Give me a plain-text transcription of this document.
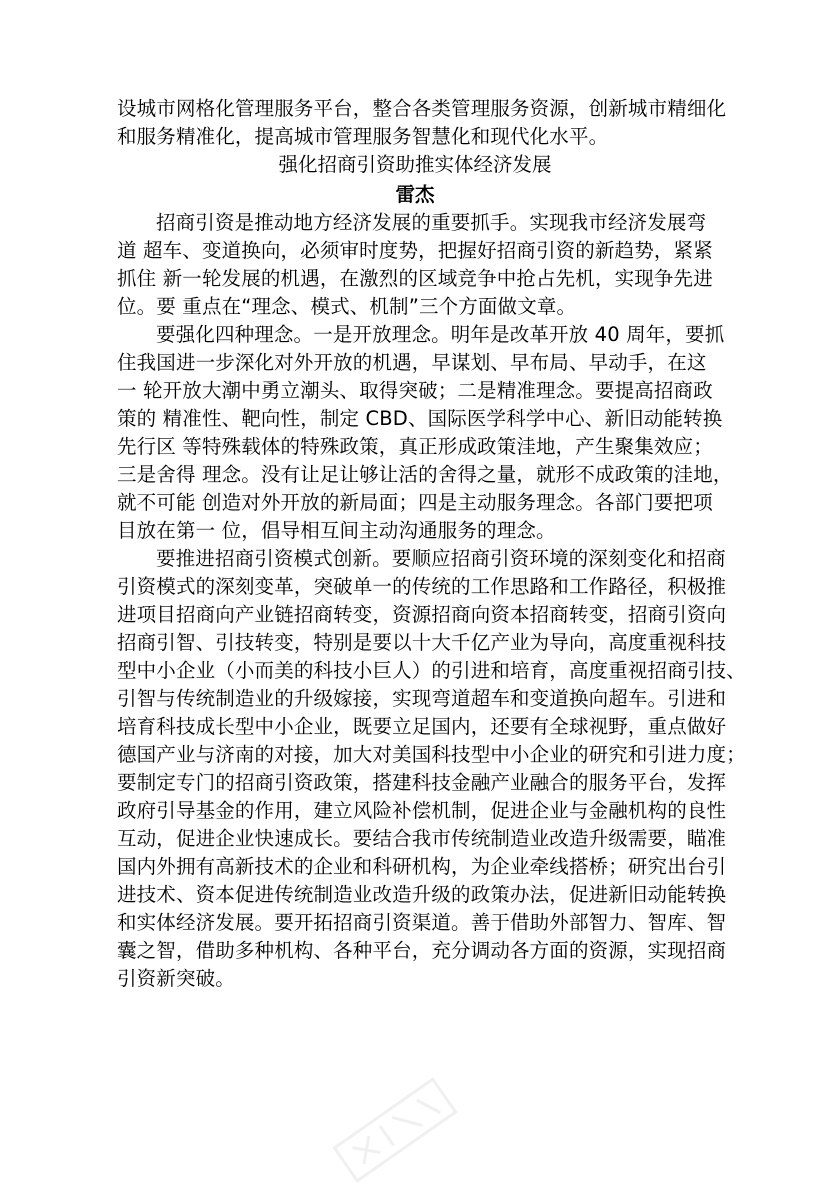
设城市网格化管理服务平台，整合各类管理服务资源，创新城市精细化
和服务精准化，提高城市管理服务智慧化和现代化水平。
强化招商引资助推实体经济发展
雷杰
招商引资是推动地方经济发展的重要抓手。实现我市经济发展弯
道 超车、变道换向，必须审时度势，把握好招商引资的新趋势，紧紧
抓住 新一轮发展的机遇，在激烈的区域竞争中抢占先机，实现争先进
位。要 重点在“理念、模式、机制”三个方面做文章。
要强化四种理念。一是开放理念。明年是改革开放 40 周年，要抓
住我国进一步深化对外开放的机遇，早谋划、早布局、早动手，在这
一 轮开放大潮中勇立潮头、取得突破；二是精准理念。要提高招商政
策的 精准性、靶向性，制定 CBD、国际医学科学中心、新旧动能转换
先行区 等特殊载体的特殊政策，真正形成政策洼地，产生聚集效应；
三是舍得 理念。没有让足让够让活的舍得之量，就形不成政策的洼地，
就不可能 创造对外开放的新局面；四是主动服务理念。各部门要把项
目放在第一 位，倡导相互间主动沟通服务的理念。
要推进招商引资模式创新。要顺应招商引资环境的深刻变化和招商
引资模式的深刻变革，突破单一的传统的工作思路和工作路径，积极推
进项目招商向产业链招商转变，资源招商向资本招商转变，招商引资向
招商引智、引技转变，特别是要以十大千亿产业为导向，高度重视科技
型中小企业（小而美的科技小巨人）的引进和培育，高度重视招商引技、
引智与传统制造业的升级嫁接，实现弯道超车和变道换向超车。引进和
培育科技成长型中小企业，既要立足国内，还要有全球视野，重点做好
德国产业与济南的对接，加大对美国科技型中小企业的研究和引进力度；
要制定专门的招商引资政策，搭建科技金融产业融合的服务平台，发挥
政府引导基金的作用，建立风险补偿机制，促进企业与金融机构的良性
互动，促进企业快速成长。要结合我市传统制造业改造升级需要，瞄准
国内外拥有高新技术的企业和科研机构，为企业牵线搭桥；研究出台引
进技术、资本促进传统制造业改造升级的政策办法，促进新旧动能转换
和实体经济发展。要开拓招商引资渠道。善于借助外部智力、智库、智
囊之智，借助多种机构、各种平台，充分调动各方面的资源，实现招商
引资新突破。
